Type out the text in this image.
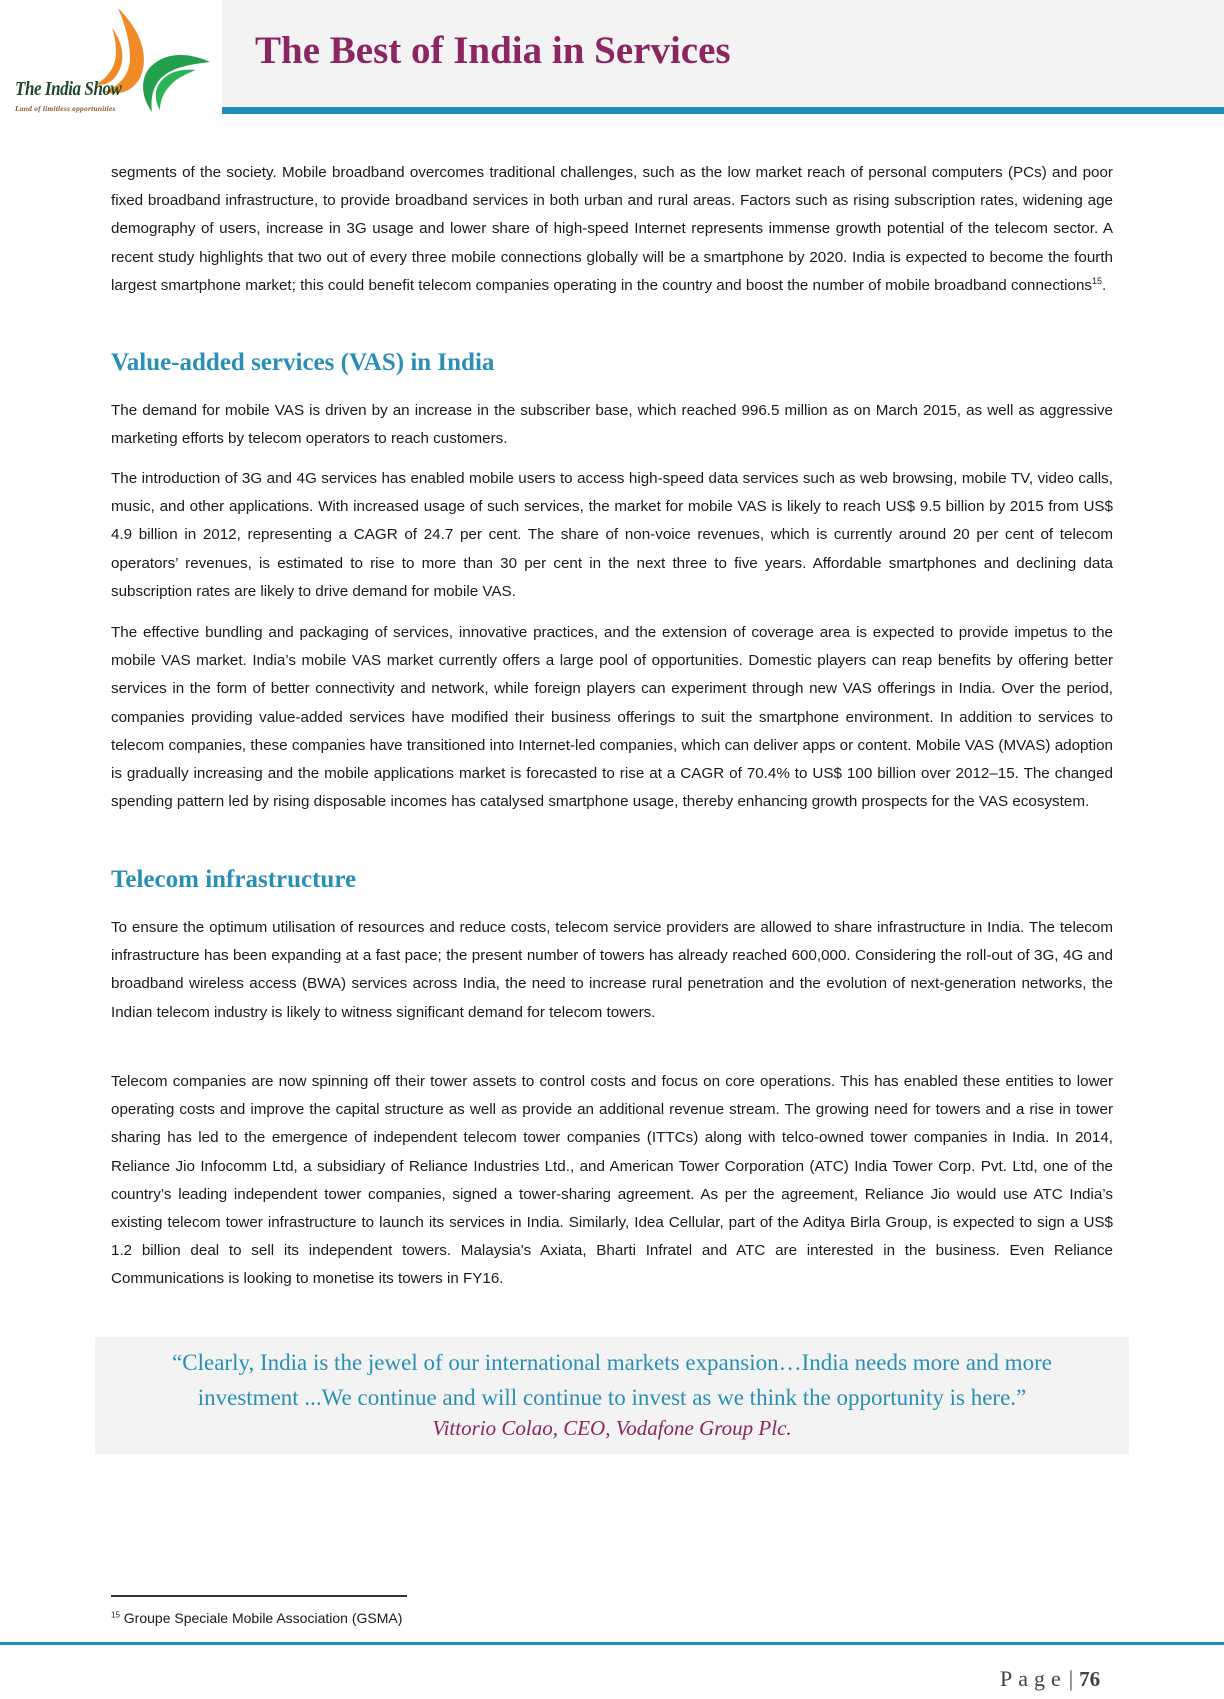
The India Show
Land of limitless opportunities
The Best of India in Services

segments of the society. Mobile broadband overcomes traditional challenges, such as the low market reach of personal computers (PCs) and poor fixed broadband infrastructure, to provide broadband services in both urban and rural areas. Factors such as rising subscription rates, widening age demography of users, increase in 3G usage and lower share of high-speed Internet represents immense growth potential of the telecom sector. A recent study highlights that two out of every three mobile connections globally will be a smartphone by 2020. India is expected to become the fourth largest smartphone market; this could benefit telecom companies operating in the country and boost the number of mobile broadband connections$^{15}$.

Value-added services (VAS) in India

The demand for mobile VAS is driven by an increase in the subscriber base, which reached 996.5 million as on March 2015, as well as aggressive marketing efforts by telecom operators to reach customers.

The introduction of 3G and 4G services has enabled mobile users to access high-speed data services such as web browsing, mobile TV, video calls, music, and other applications. With increased usage of such services, the market for mobile VAS is likely to reach US$ 9.5 billion by 2015 from US$ 4.9 billion in 2012, representing a CAGR of 24.7 per cent. The share of non-voice revenues, which is currently around 20 per cent of telecom operators’ revenues, is estimated to rise to more than 30 per cent in the next three to five years. Affordable smartphones and declining data subscription rates are likely to drive demand for mobile VAS.

The effective bundling and packaging of services, innovative practices, and the extension of coverage area is expected to provide impetus to the mobile VAS market. India’s mobile VAS market currently offers a large pool of opportunities. Domestic players can reap benefits by offering better services in the form of better connectivity and network, while foreign players can experiment through new VAS offerings in India. Over the period, companies providing value-added services have modified their business offerings to suit the smartphone environment. In addition to services to telecom companies, these companies have transitioned into Internet-led companies, which can deliver apps or content. Mobile VAS (MVAS) adoption is gradually increasing and the mobile applications market is forecasted to rise at a CAGR of 70.4% to US$ 100 billion over 2012–15. The changed spending pattern led by rising disposable incomes has catalysed smartphone usage, thereby enhancing growth prospects for the VAS ecosystem.

Telecom infrastructure

To ensure the optimum utilisation of resources and reduce costs, telecom service providers are allowed to share infrastructure in India. The telecom infrastructure has been expanding at a fast pace; the present number of towers has already reached 600,000. Considering the roll-out of 3G, 4G and broadband wireless access (BWA) services across India, the need to increase rural penetration and the evolution of next-generation networks, the Indian telecom industry is likely to witness significant demand for telecom towers.

Telecom companies are now spinning off their tower assets to control costs and focus on core operations. This has enabled these entities to lower operating costs and improve the capital structure as well as provide an additional revenue stream. The growing need for towers and a rise in tower sharing has led to the emergence of independent telecom tower companies (ITTCs) along with telco-owned tower companies in India. In 2014, Reliance Jio Infocomm Ltd, a subsidiary of Reliance Industries Ltd., and American Tower Corporation (ATC) India Tower Corp. Pvt. Ltd, one of the country’s leading independent tower companies, signed a tower-sharing agreement. As per the agreement, Reliance Jio would use ATC India’s existing telecom tower infrastructure to launch its services in India. Similarly, Idea Cellular, part of the Aditya Birla Group, is expected to sign a US$ 1.2 billion deal to sell its independent towers. Malaysia's Axiata, Bharti Infratel and ATC are interested in the business. Even Reliance Communications is looking to monetise its towers in FY16.

“Clearly, India is the jewel of our international markets expansion…India needs more and more
investment ...We continue and will continue to invest as we think the opportunity is here.”
Vittorio Colao, CEO, Vodafone Group Plc.
$^{15}$ Groupe Speciale Mobile Association (GSMA)
Page| 76
